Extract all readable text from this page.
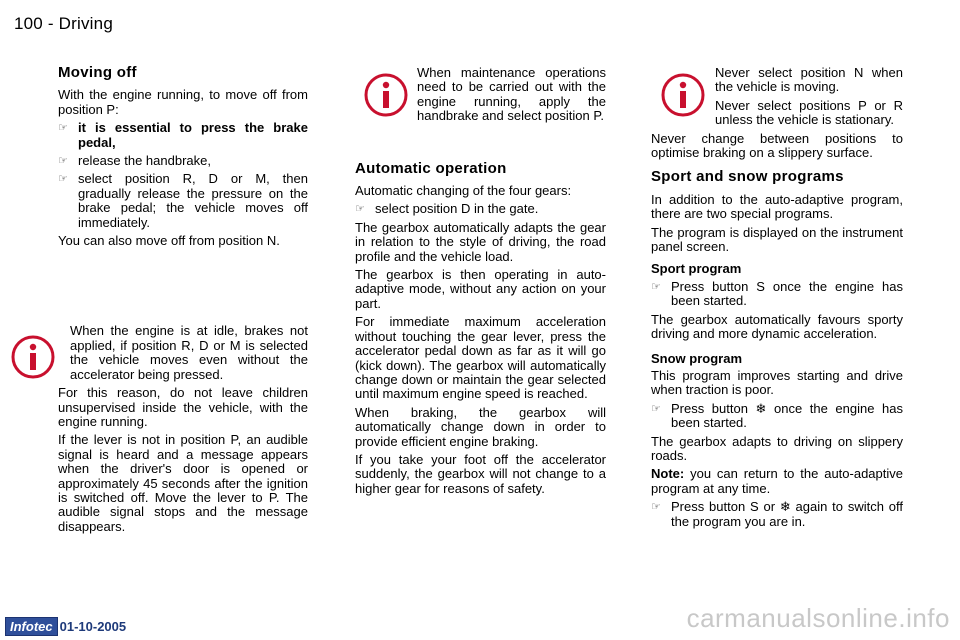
100 - Driving
Moving off

With the engine running, to move off from position P:

☞ it is essential to press the brake pedal,
☞ release the handbrake,
☞ select position R, D or M, then gradually release the pressure on the brake pedal; the vehicle moves off immediately.

You can also move off from position N.

When the engine is at idle, brakes not applied, if position R, D or M is selected the vehicle moves even without the accelerator being pressed.

For this reason, do not leave children unsupervised inside the vehicle, with the engine running.

If the lever is not in position P, an audible signal is heard and a message appears when the driver's door is opened or approximately 45 seconds after the ignition is switched off. Move the lever to P. The audible signal stops and the message disappears.

When maintenance operations need to be carried out with the engine running, apply the handbrake and select position P.
Automatic operation

Automatic changing of the four gears:

☞ select position D in the gate.

The gearbox automatically adapts the gear in relation to the style of driving, the road profile and the vehicle load.

The gearbox is then operating in auto-adaptive mode, without any action on your part.

For immediate maximum acceleration without touching the gear lever, press the accelerator pedal down as far as it will go (kick down). The gearbox will automatically change down or maintain the gear selected until maximum engine speed is reached.

When braking, the gearbox will automatically change down in order to provide efficient engine braking.

If you take your foot off the accelerator suddenly, the gearbox will not change to a higher gear for reasons of safety.

Never select position N when the vehicle is moving.

Never select positions P or R unless the vehicle is stationary.

Never change between positions to optimise braking on a slippery surface.

Sport and snow programs

In addition to the auto-adaptive program, there are two special programs.

The program is displayed on the instrument panel screen.

Sport program
☞ Press button S once the engine has been started.

The gearbox automatically favours sporty driving and more dynamic acceleration.

Snow program

This program improves starting and drive when traction is poor.

☞ Press button ❄ once the engine has been started.

The gearbox adapts to driving on slippery roads.

Note: you can return to the auto-adaptive program at any time.

☞ Press button S or ❄ again to switch off the program you are in.
Infotec 01-10-2005	carmanualsonline.info
